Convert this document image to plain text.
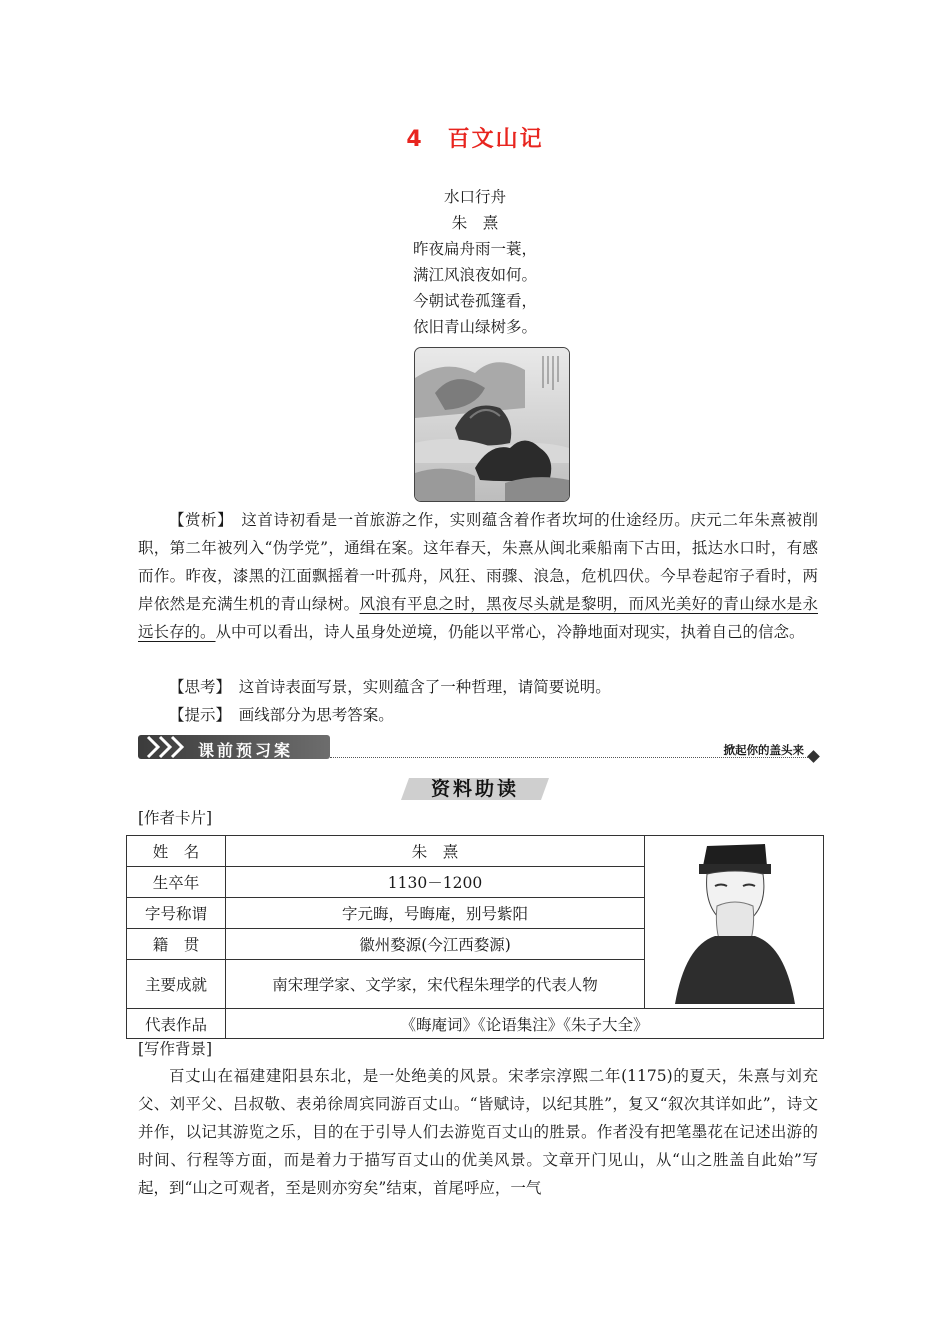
4　百文山记
水口行舟
朱　熹
昨夜扁舟雨一蓑，
满江风浪夜如何。
今朝试卷孤篷看，
依旧青山绿树多。

【赏析】　这首诗初看是一首旅游之作，实则蕴含着作者坎坷的仕途经历。庆元二年朱熹被削职，第二年被列入“伪学党”，通缉在案。这年春天，朱熹从闽北乘船南下古田，抵达水口时，有感而作。昨夜，漆黑的江面飘摇着一叶孤舟，风狂、雨骤、浪急，危机四伏。今早卷起帘子看时，两岸依然是充满生机的青山绿树。风浪有平息之时，黑夜尽头就是黎明，而风光美好的青山绿水是永远长存的。从中可以看出，诗人虽身处逆境，仍能以平常心，冷静地面对现实，执着自己的信念。

【思考】　这首诗表面写景，实则蕴含了一种哲理，请简要说明。

【提示】　画线部分为思考答案。

课前预习案	掀起你的盖头来
资料助读
[作者卡片]
姓　名	朱　熹	
生卒年	1130－1200	
字号称谓	字元晦，号晦庵，别号紫阳	
籍　贯	徽州婺源(今江西婺源)	
主要成就	南宋理学家、文学家，宋代程朱理学的代表人物	
代表作品	《晦庵词》《论语集注》《朱子大全》	
[写作背景]

百丈山在福建建阳县东北，是一处绝美的风景。宋孝宗淳熙二年(1175)的夏天，朱熹与刘充父、刘平父、吕叔敬、表弟徐周宾同游百丈山。“皆赋诗，以纪其胜”，复又“叙次其详如此”，诗文并作，以记其游览之乐，目的在于引导人们去游览百丈山的胜景。作者没有把笔墨花在记述出游的时间、行程等方面，而是着力于描写百丈山的优美风景。文章开门见山，从“山之胜盖自此始”写起，到“山之可观者，至是则亦穷矣”结束，首尾呼应，一气
